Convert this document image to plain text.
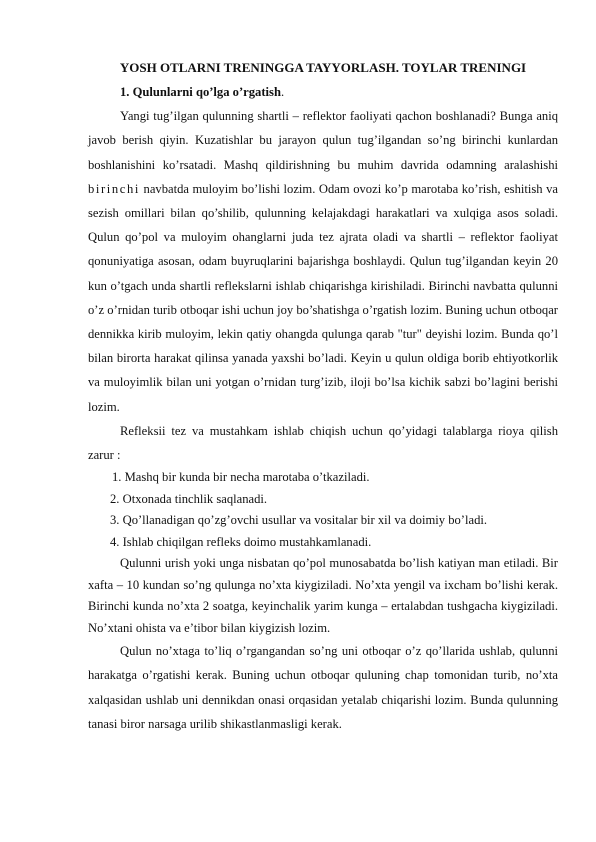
YOSH OTLARNI TRENINGGA TAYYORLASH. TOYLAR TRENINGI

1. Qulunlarni qo’lga o’rgatish.

Yangi tug’ilgan qulunning shartli – reflektor faoliyati qachon boshlanadi? Bunga aniq javob berish qiyin. Kuzatishlar bu jarayon qulun tug’ilgandan so’ng birinchi kunlardan boshlanishini ko’rsatadi. Mashq qildirishning bu muhim davrida odamning aralashishi birinchi navbatda muloyim bo’lishi lozim. Odam ovozi ko’p marotaba ko’rish, eshitish va sezish omillari bilan qo’shilib, qulunning kelajakdagi harakatlari va xulqiga asos soladi. Qulun qo’pol va muloyim ohanglarni juda tez ajrata oladi va shartli – reflektor faoliyat qonuniyatiga asosan, odam buyruqlarini bajarishga boshlaydi. Qulun tug’ilgandan keyin 20 kun o’tgach unda shartli reflekslarni ishlab chiqarishga kirishiladi. Birinchi navbatta qulunni o’z o’rnidan turib otboqar ishi uchun joy bo’shatishga o’rgatish lozim. Buning uchun otboqar dennikka kirib muloyim, lekin qatiy ohangda qulunga qarab "tur" deyishi lozim. Bunda qo’l bilan birorta harakat qilinsa yanada yaxshi bo’ladi. Keyin u qulun oldiga borib ehtiyotkorlik va muloyimlik bilan uni yotgan o’rnidan turg’izib, iloji bo’lsa kichik sabzi bo’lagini berishi lozim.

Refleksii tez va mustahkam ishlab chiqish uchun qo’yidagi talablarga rioya qilish zarur :

1. Mashq bir kunda bir necha marotaba o’tkaziladi.

2. Otxonada tinchlik saqlanadi.

3. Qo’llanadigan qo’zg’ovchi usullar va vositalar bir xil va doimiy bo’ladi.

4. Ishlab chiqilgan refleks doimo mustahkamlanadi.

Qulunni urish yoki unga nisbatan qo’pol munosabatda bo’lish katiyan man etiladi. Bir xafta – 10 kundan so’ng qulunga no’xta kiygiziladi. No’xta yengil va ixcham bo’lishi kerak. Birinchi kunda no’xta 2 soatga, keyinchalik yarim kunga – ertalabdan tushgacha kiygiziladi. No’xtani ohista va e’tibor bilan kiygizish lozim.

Qulun no’xtaga to’liq o’rgangandan so’ng uni otboqar o’z qo’llarida ushlab, qulunni harakatga o’rgatishi kerak. Buning uchun otboqar quluning chap tomonidan turib, no’xta xalqasidan ushlab uni dennikdan onasi orqasidan yetalab chiqarishi lozim. Bunda qulunning tanasi biror narsaga urilib shikastlanmasligi kerak.
